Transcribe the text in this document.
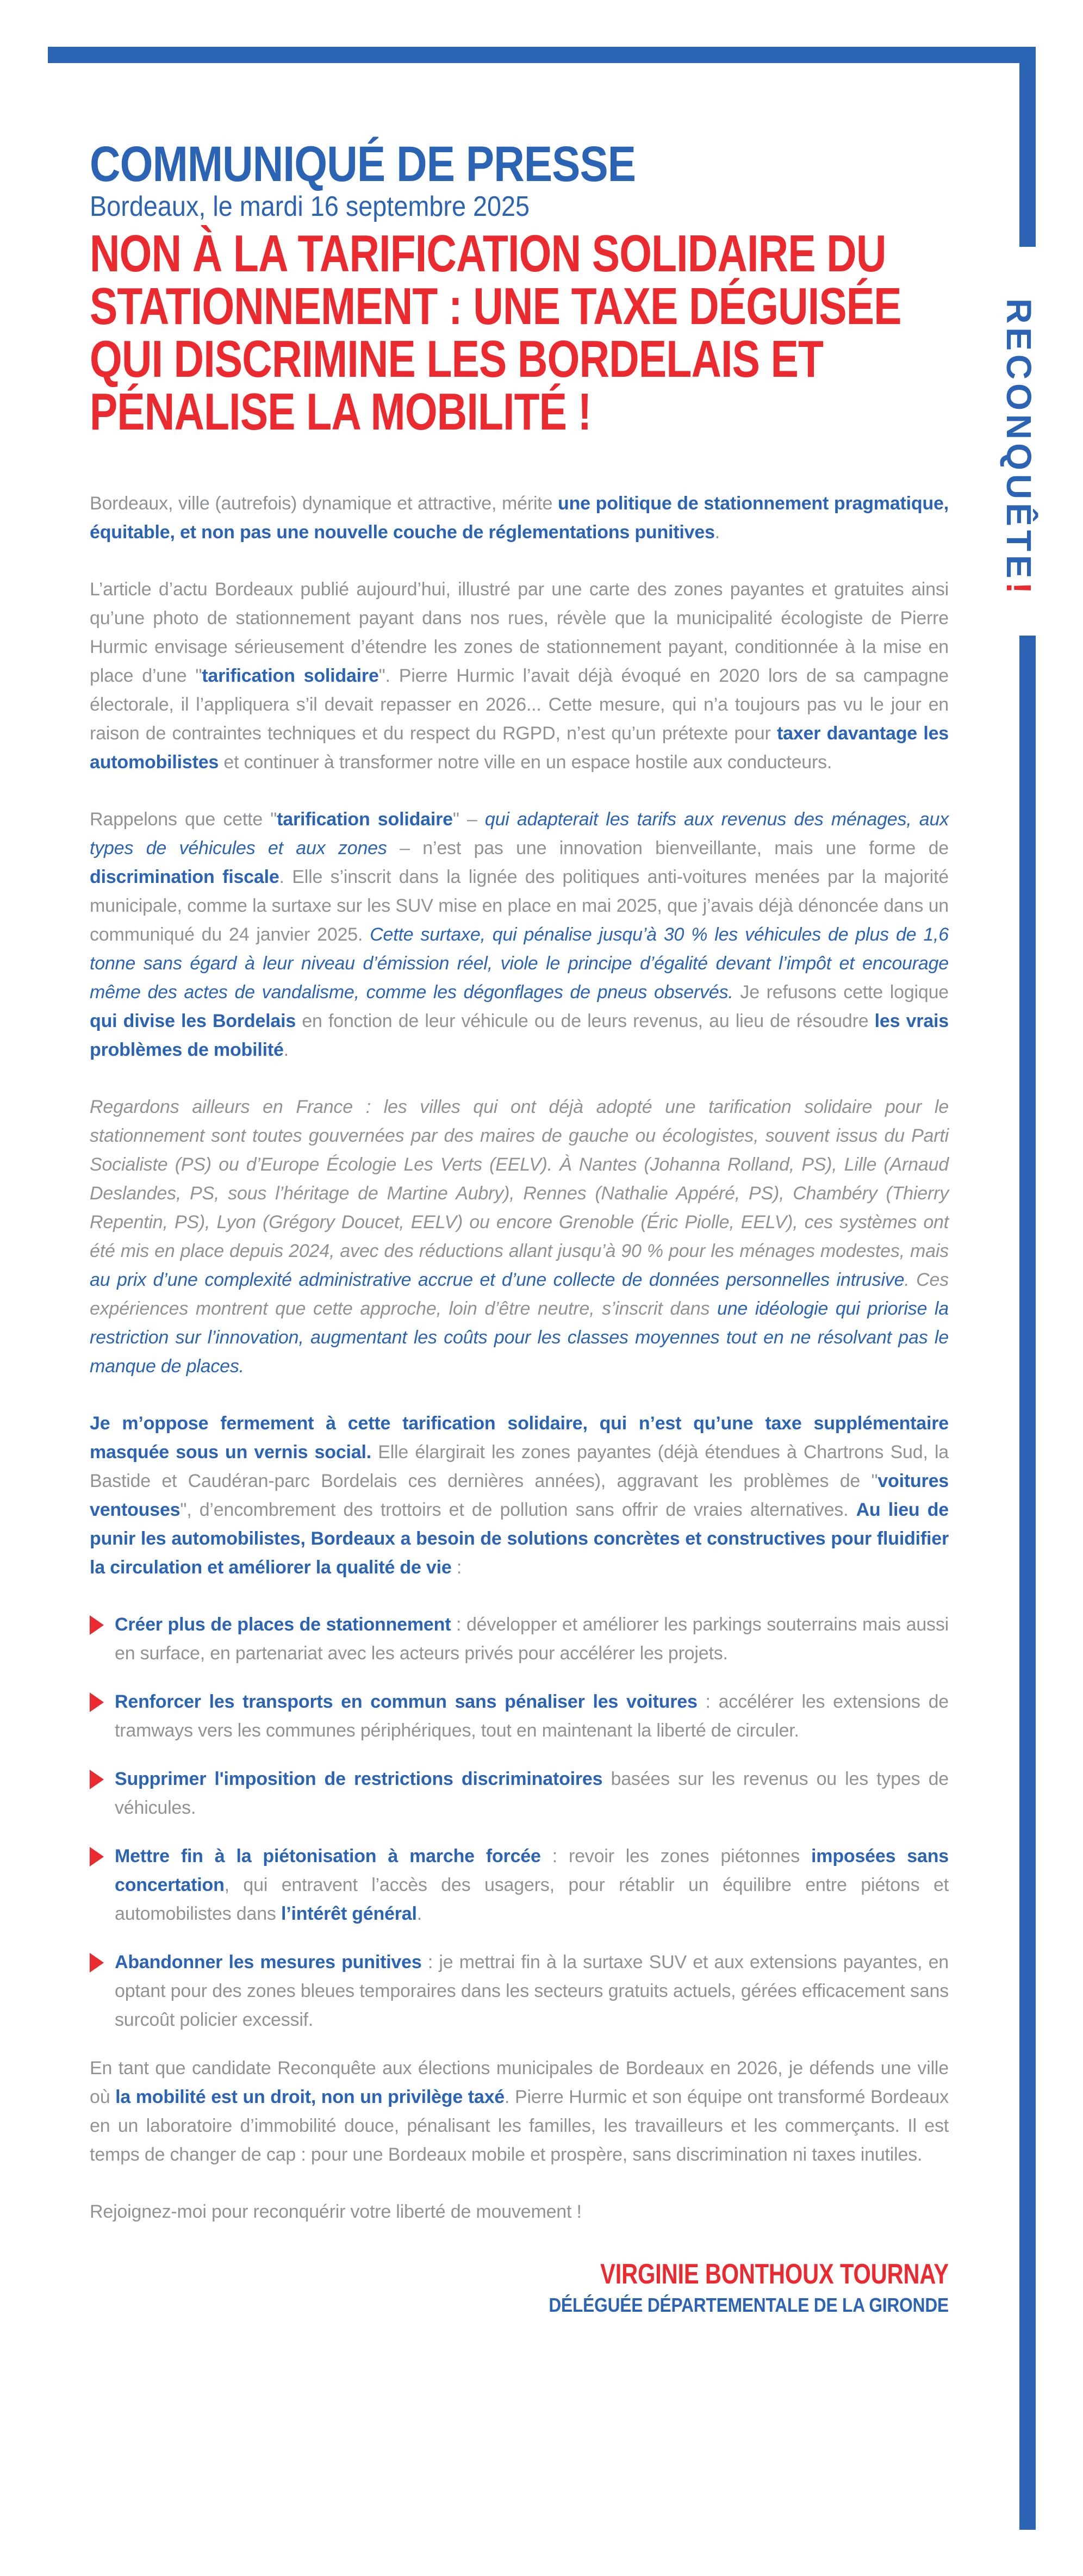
RECONQUÊTE!
COMMUNIQUÉ DE PRESSE
Bordeaux, le mardi 16 septembre 2025
NON À LA TARIFICATION SOLIDAIRE DU
STATIONNEMENT : UNE TAXE DÉGUISÉE
QUI DISCRIMINE LES BORDELAIS ET
PÉNALISE LA MOBILITÉ !

Bordeaux, ville (autrefois) dynamique et attractive, mérite une politique de stationnement pragmatique, équitable, et non pas une nouvelle couche de réglementations punitives.

L’article d’actu Bordeaux publié aujourd’hui, illustré par une carte des zones payantes et gratuites ainsi qu’une photo de stationnement payant dans nos rues, révèle que la municipalité écologiste de Pierre Hurmic envisage sérieusement d’étendre les zones de stationnement payant, conditionnée à la mise en place d’une "tarification solidaire". Pierre Hurmic l’avait déjà évoqué en 2020 lors de sa campagne électorale, il l’appliquera s’il devait repasser en 2026... Cette mesure, qui n’a toujours pas vu le jour en raison de contraintes techniques et du respect du RGPD, n’est qu’un prétexte pour taxer davantage les automobilistes et continuer à transformer notre ville en un espace hostile aux conducteurs.

Rappelons que cette "tarification solidaire" – qui adapterait les tarifs aux revenus des ménages, aux types de véhicules et aux zones – n’est pas une innovation bienveillante, mais une forme de discrimination fiscale. Elle s’inscrit dans la lignée des politiques anti-voitures menées par la majorité municipale, comme la surtaxe sur les SUV mise en place en mai 2025, que j’avais déjà dénoncée dans un communiqué du 24 janvier 2025. Cette surtaxe, qui pénalise jusqu’à 30 % les véhicules de plus de 1,6 tonne sans égard à leur niveau d’émission réel, viole le principe d’égalité devant l’impôt et encourage même des actes de vandalisme, comme les dégonflages de pneus observés. Je refusons cette logique qui divise les Bordelais en fonction de leur véhicule ou de leurs revenus, au lieu de résoudre les vrais problèmes de mobilité.

Regardons ailleurs en France : les villes qui ont déjà adopté une tarification solidaire pour le stationnement sont toutes gouvernées par des maires de gauche ou écologistes, souvent issus du Parti Socialiste (PS) ou d’Europe Écologie Les Verts (EELV). À Nantes (Johanna Rolland, PS), Lille (Arnaud Deslandes, PS, sous l’héritage de Martine Aubry), Rennes (Nathalie Appéré, PS), Chambéry (Thierry Repentin, PS), Lyon (Grégory Doucet, EELV) ou encore Grenoble (Éric Piolle, EELV), ces systèmes ont été mis en place depuis 2024, avec des réductions allant jusqu’à 90 % pour les ménages modestes, mais au prix d’une complexité administrative accrue et d’une collecte de données personnelles intrusive. Ces expériences montrent que cette approche, loin d’être neutre, s’inscrit dans une idéologie qui priorise la restriction sur l’innovation, augmentant les coûts pour les classes moyennes tout en ne résolvant pas le manque de places.

Je m’oppose fermement à cette tarification solidaire, qui n’est qu’une taxe supplémentaire masquée sous un vernis social. Elle élargirait les zones payantes (déjà étendues à Chartrons Sud, la Bastide et Caudéran-parc Bordelais ces dernières années), aggravant les problèmes de "voitures ventouses", d’encombrement des trottoirs et de pollution sans offrir de vraies alternatives. Au lieu de punir les automobilistes, Bordeaux a besoin de solutions concrètes et constructives pour fluidifier la circulation et améliorer la qualité de vie :

Créer plus de places de stationnement : développer et améliorer les parkings souterrains mais aussi en surface, en partenariat avec les acteurs privés pour accélérer les projets.
Renforcer les transports en commun sans pénaliser les voitures : accélérer les extensions de tramways vers les communes périphériques, tout en maintenant la liberté de circuler.
Supprimer l'imposition de restrictions discriminatoires basées sur les revenus ou les types de véhicules.
Mettre fin à la piétonisation à marche forcée : revoir les zones piétonnes imposées sans concertation, qui entravent l’accès des usagers, pour rétablir un équilibre entre piétons et automobilistes dans l’intérêt général.
Abandonner les mesures punitives : je mettrai fin à la surtaxe SUV et aux extensions payantes, en optant pour des zones bleues temporaires dans les secteurs gratuits actuels, gérées efficacement sans surcoût policier excessif.

En tant que candidate Reconquête aux élections municipales de Bordeaux en 2026, je défends une ville où la mobilité est un droit, non un privilège taxé. Pierre Hurmic et son équipe ont transformé Bordeaux en un laboratoire d’immobilité douce, pénalisant les familles, les travailleurs et les commerçants. Il est temps de changer de cap : pour une Bordeaux mobile et prospère, sans discrimination ni taxes inutiles.

Rejoignez-moi pour reconquérir votre liberté de mouvement !

VIRGINIE BONTHOUX TOURNAY
DÉLÉGUÉE DÉPARTEMENTALE DE LA GIRONDE
